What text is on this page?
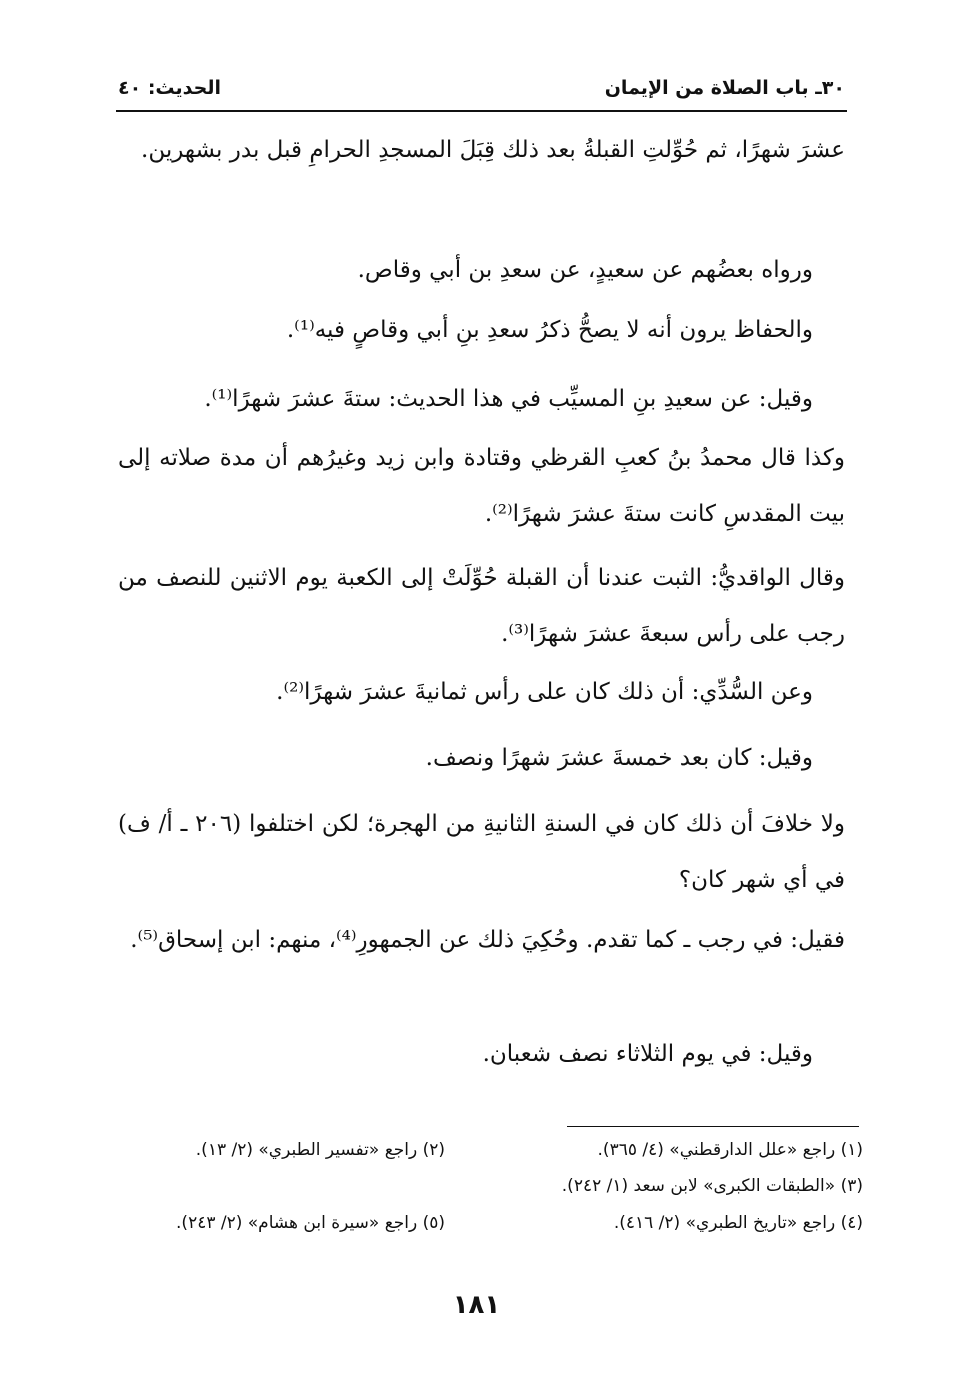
٣٠ـ باب الصلاة من الإيمان
الحديث: ٤٠

عشرَ شهرًا، ثم حُوِّلتِ القبلةُ بعد ذلك قِبَلَ المسجدِ الحرامِ قبل بدر بشهرين.

ورواه بعضُهم عن سعيدٍ، عن سعدِ بن أبي وقاص.

والحفاظ يرون أنه لا يصحُّ ذكرُ سعدِ بنِ أبي وقاصٍ فيه⁽¹⁾.

وقيل: عن سعيدِ بنِ المسيِّب في هذا الحديث: ستةَ عشرَ شهرًا⁽¹⁾.

وكذا قال محمدُ بنُ كعبِ القرظي وقتادة وابن زيد وغيرُهم أن مدة صلاته إلى بيت المقدسِ كانت ستةَ عشرَ شهرًا⁽²⁾.

وقال الواقديُّ: الثبت عندنا أن القبلة حُوِّلَتْ إلى الكعبة يوم الاثنين للنصف من رجب على رأس سبعةَ عشرَ شهرًا⁽³⁾.

وعن السُّدِّي: أن ذلك كان على رأس ثمانيةَ عشرَ شهرًا⁽²⁾.

وقيل: كان بعد خمسةَ عشرَ شهرًا ونصف.

ولا خلافَ أن ذلك كان في السنةِ الثانيةِ من الهجرة؛ لكن اختلفوا (٢٠٦ ـ أ/ ف) في أي شهر كان؟

فقيل: في رجب ـ كما تقدم. وحُكِيَ ذلك عن الجمهورِ⁽⁴⁾، منهم: ابن إسحاق⁽⁵⁾.

وقيل: في يوم الثلاثاء نصف شعبان.

(١) راجع «علل الدارقطني» (٤/ ٣٦٥).
(٢) راجع «تفسير الطبري» (٢/ ١٣).
(٣) «الطبقات الكبرى» لابن سعد (١/ ٢٤٢).
(٤) راجع «تاريخ الطبري» (٢/ ٤١٦).
(٥) راجع «سيرة ابن هشام» (٢/ ٢٤٣).
١٨١
